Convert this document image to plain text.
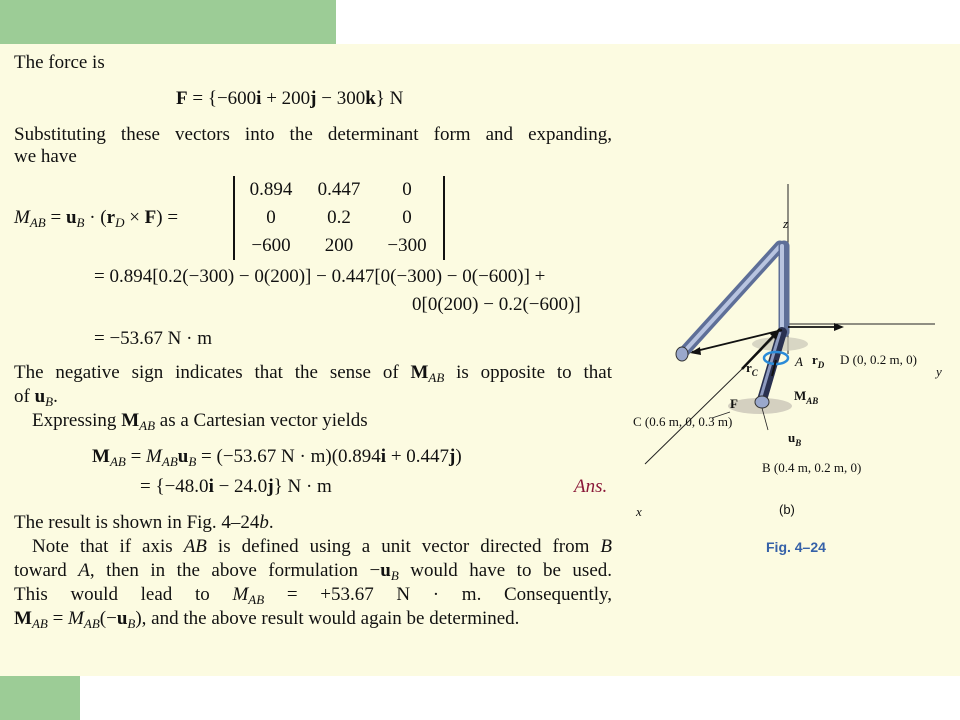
The force is
F = {−600i + 200j − 300k} N
Substituting these vectors into the determinant form and expanding,
we have
$M_{AB} = u_B \cdot (r_D \times F)$ =
0.894	0.447	0
0	0.2	0
−600	200	−300
= 0.894[0.2(−300) − 0(200)] − 0.447[0(−300) − 0(−600)] +
0[0(200) − 0.2(−600)]
= −53.67 N · m
The negative sign indicates that the sense of $M_{AB}$ is opposite to that
of $u_B$.
Expressing $M_{AB}$ as a Cartesian vector yields
$M_{AB} = M_{AB}u_B = (-53.67$ N · m)(0.894i + 0.447j)
= {−48.0i − 24.0j} N · m	Ans.
The result is shown in Fig. 4–24b.
Note that if axis AB is defined using a unit vector directed from B
toward A, then in the above formulation $-u_B$ would have to be used.
This would lead to $M_{AB} = +53.67$ N · m. Consequently,
$M_{AB} = M_{AB}(-u_B)$, and the above result would again be determined.
z
y
x
$r_C$
A $r_D$ D (0, 0.2 m, 0)
F
$M_{AB}$
C (0.6 m, 0, 0.3 m)
$u_B$
B (0.4 m, 0.2 m, 0)
(b)
Fig. 4–24
